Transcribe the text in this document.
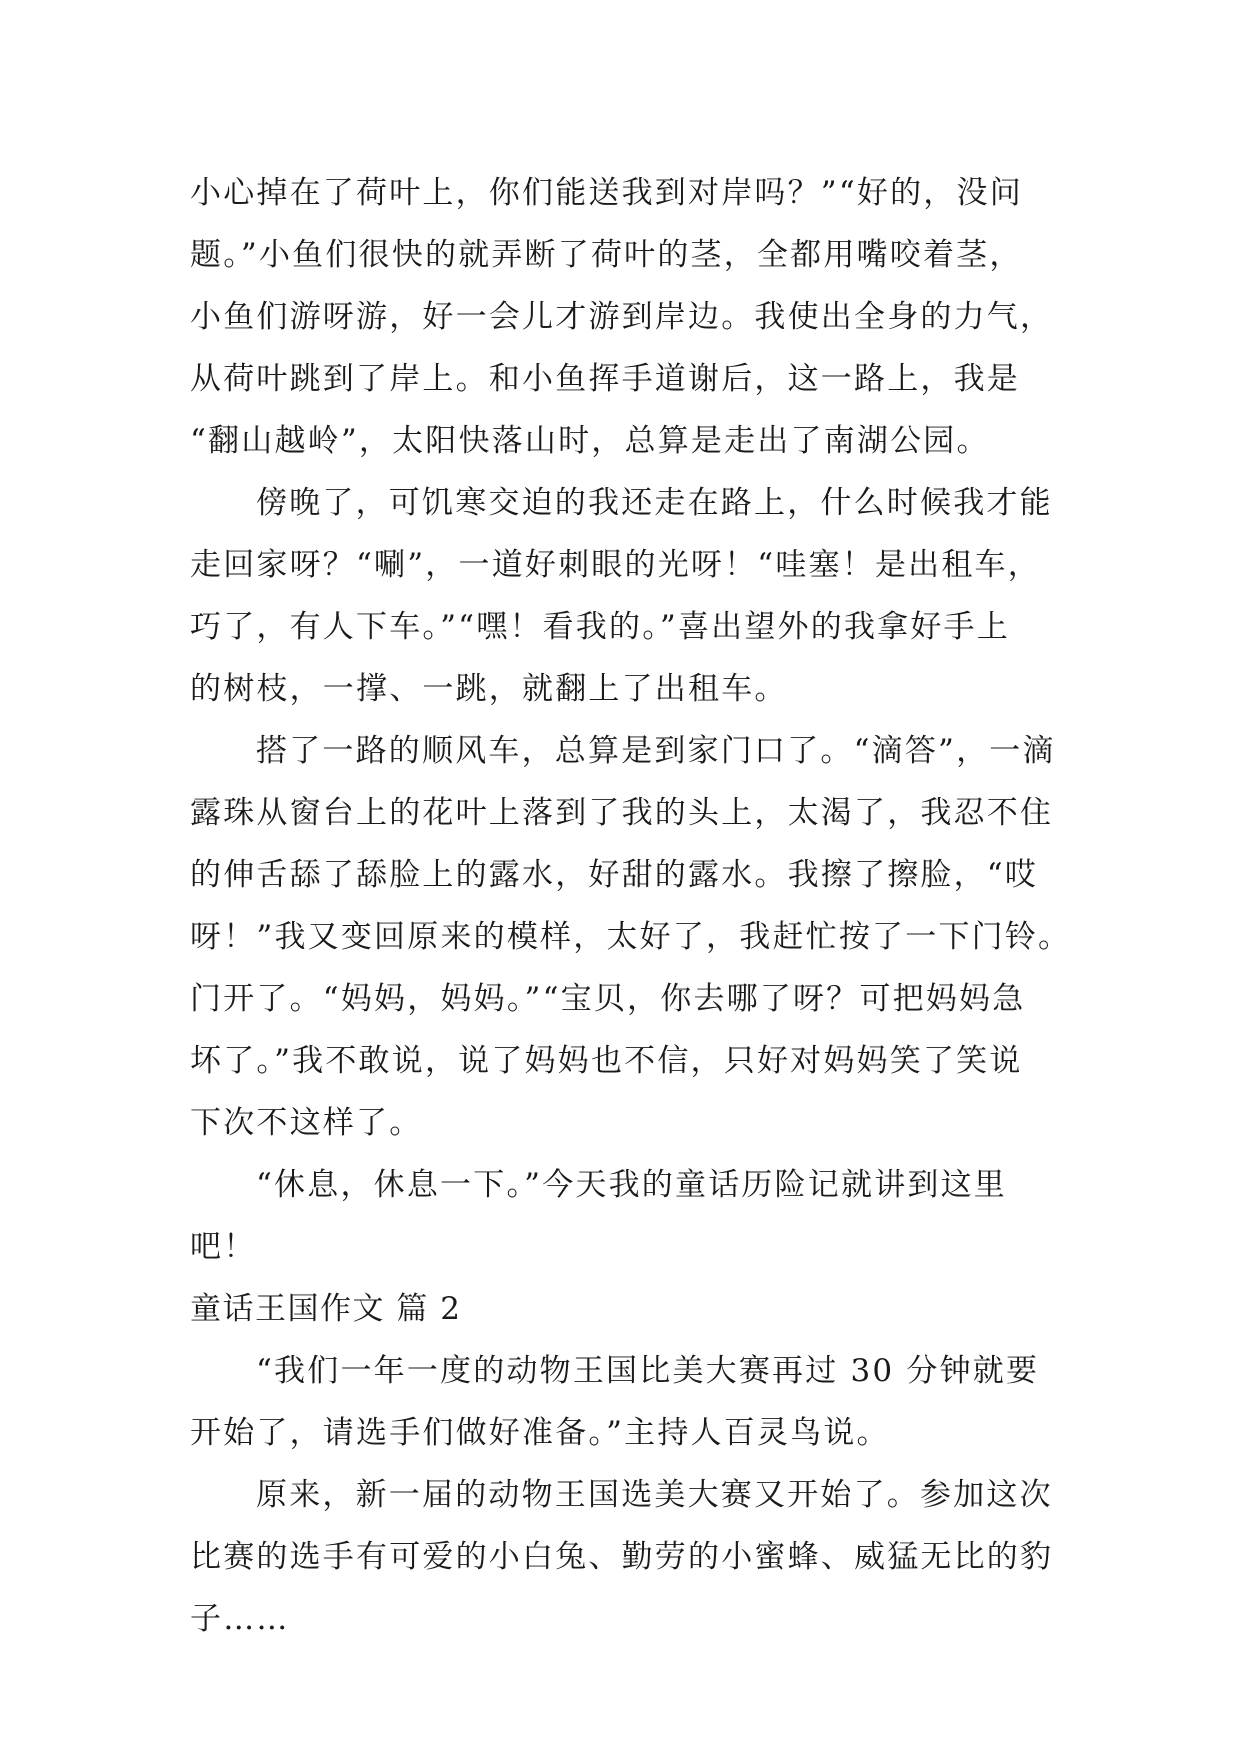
小心掉在了荷叶上，你们能送我到对岸吗？”“好的，没问
题。”小鱼们很快的就弄断了荷叶的茎，全都用嘴咬着茎，
小鱼们游呀游，好一会儿才游到岸边。我使出全身的力气，
从荷叶跳到了岸上。和小鱼挥手道谢后，这一路上，我是
“翻山越岭”，太阳快落山时，总算是走出了南湖公园。
傍晚了，可饥寒交迫的我还走在路上，什么时候我才能
走回家呀？“唰”，一道好刺眼的光呀！“哇塞！是出租车，
巧了，有人下车。”“嘿！看我的。”喜出望外的我拿好手上
的树枝，一撑、一跳，就翻上了出租车。
搭了一路的顺风车，总算是到家门口了。“滴答”，一滴
露珠从窗台上的花叶上落到了我的头上，太渴了，我忍不住
的伸舌舔了舔脸上的露水，好甜的露水。我擦了擦脸，“哎
呀！”我又变回原来的模样，太好了，我赶忙按了一下门铃。
门开了。“妈妈，妈妈。”“宝贝，你去哪了呀？可把妈妈急
坏了。”我不敢说，说了妈妈也不信，只好对妈妈笑了笑说
下次不这样了。
“休息，休息一下。”今天我的童话历险记就讲到这里
吧！
童话王国作文 篇 2
“我们一年一度的动物王国比美大赛再过 30 分钟就要
开始了，请选手们做好准备。”主持人百灵鸟说。
原来，新一届的动物王国选美大赛又开始了。参加这次
比赛的选手有可爱的小白兔、勤劳的小蜜蜂、威猛无比的豹
子……
